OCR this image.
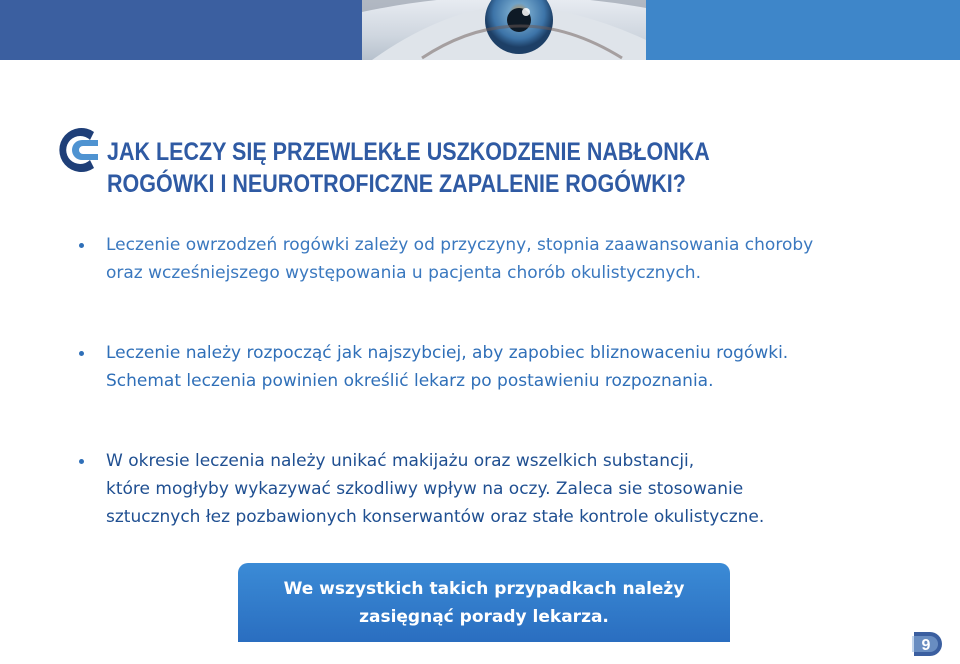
JAK LECZY SIĘ PRZEWLEKŁE USZKODZENIE NABŁONKA
ROGÓWKI I NEUROTROFICZNE ZAPALENIE ROGÓWKI?
Leczenie owrzodzeń rogówki zależy od przyczyny, stopnia zaawansowania choroby
oraz wcześniejszego występowania u pacjenta chorób okulistycznych.
Leczenie należy rozpocząć jak najszybciej, aby zapobiec bliznowaceniu rogówki.
Schemat leczenia powinien określić lekarz po postawieniu rozpoznania.
W okresie leczenia należy unikać makijażu oraz wszelkich substancji,
które mogłyby wykazywać szkodliwy wpływ na oczy. Zaleca sie stosowanie
sztucznych łez pozbawionych konserwantów oraz stałe kontrole okulistyczne.
We wszystkich takich przypadkach należy
zasięgnąć porady lekarza.
9
